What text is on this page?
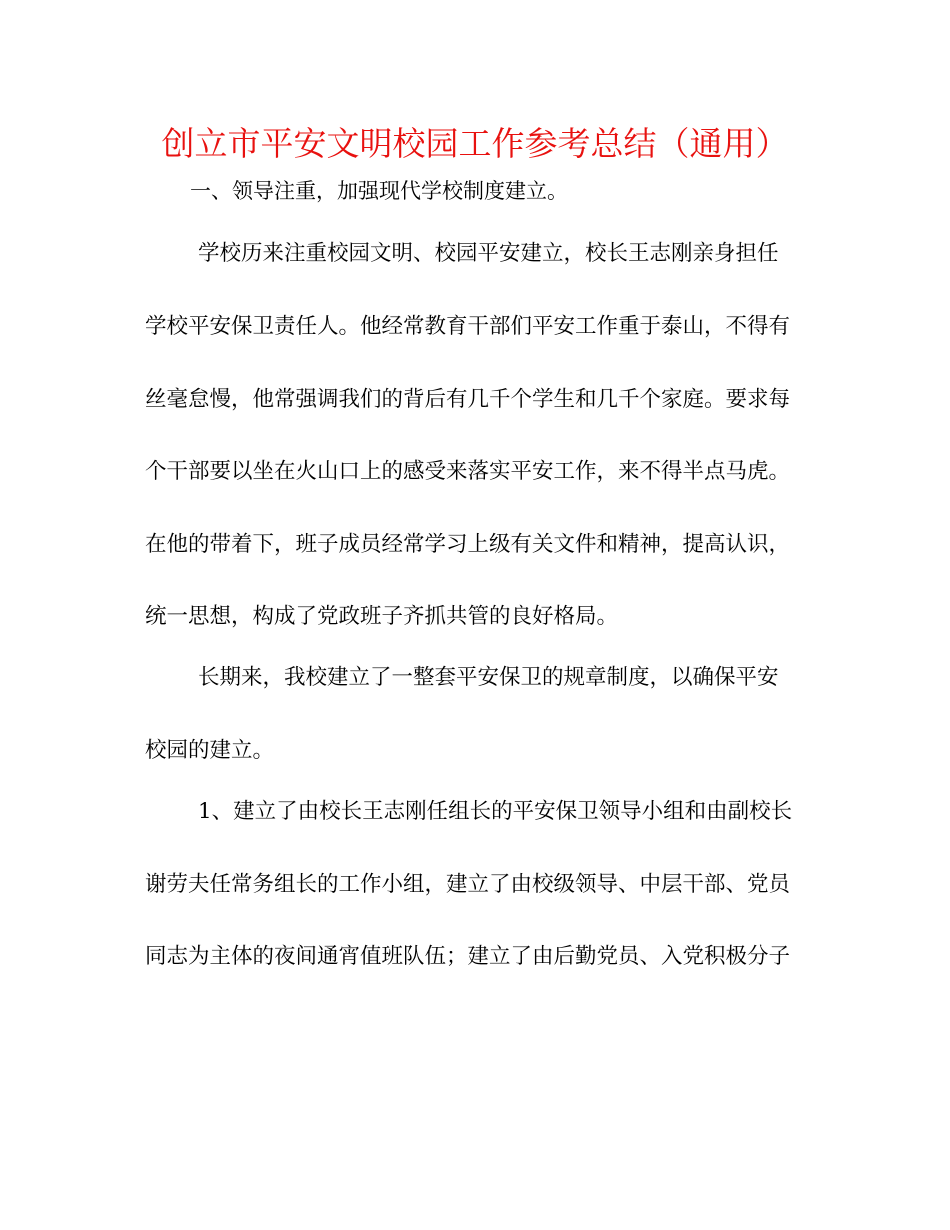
创立市平安文明校园工作参考总结（通用）
一、领导注重，加强现代学校制度建立。
学校历来注重校园文明、校园平安建立，校长王志刚亲身担任
学校平安保卫责任人。他经常教育干部们平安工作重于泰山，不得有
丝毫怠慢，他常强调我们的背后有几千个学生和几千个家庭。要求每
个干部要以坐在火山口上的感受来落实平安工作，来不得半点马虎。
在他的带着下，班子成员经常学习上级有关文件和精神，提高认识，
统一思想，构成了党政班子齐抓共管的良好格局。
长期来，我校建立了一整套平安保卫的规章制度，以确保平安
校园的建立。
1、建立了由校长王志刚任组长的平安保卫领导小组和由副校长
谢劳夫任常务组长的工作小组，建立了由校级领导、中层干部、党员
同志为主体的夜间通宵值班队伍；建立了由后勤党员、入党积极分子
